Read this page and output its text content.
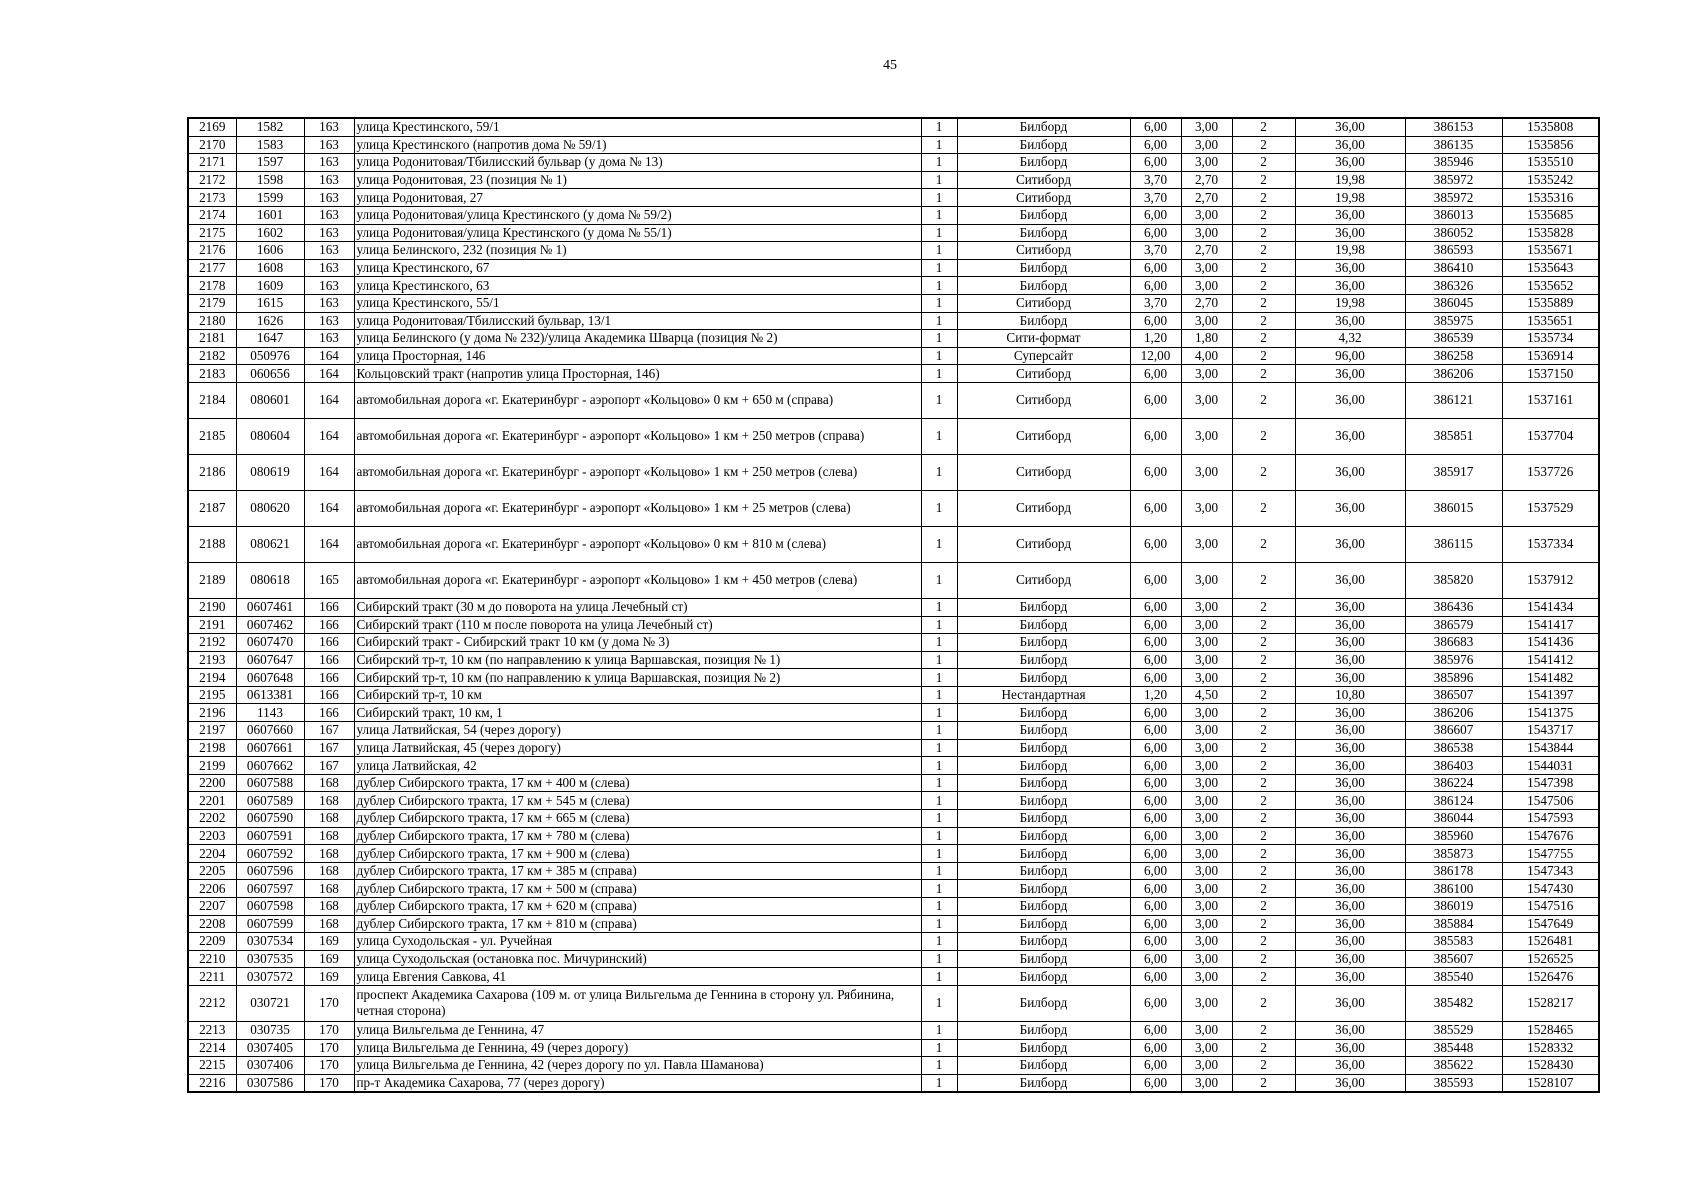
45
2169	1582	163	улица Крестинского, 59/1	1	Билборд	6,00	3,00	2	36,00	386153	1535808
2170	1583	163	улица Крестинского (напротив дома № 59/1)	1	Билборд	6,00	3,00	2	36,00	386135	1535856
2171	1597	163	улица Родонитовая/Тбилисский бульвар (у дома № 13)	1	Билборд	6,00	3,00	2	36,00	385946	1535510
2172	1598	163	улица Родонитовая, 23 (позиция № 1)	1	Ситиборд	3,70	2,70	2	19,98	385972	1535242
2173	1599	163	улица Родонитовая, 27	1	Ситиборд	3,70	2,70	2	19,98	385972	1535316
2174	1601	163	улица Родонитовая/улица Крестинского (у дома № 59/2)	1	Билборд	6,00	3,00	2	36,00	386013	1535685
2175	1602	163	улица Родонитовая/улица Крестинского (у дома № 55/1)	1	Билборд	6,00	3,00	2	36,00	386052	1535828
2176	1606	163	улица Белинского, 232 (позиция № 1)	1	Ситиборд	3,70	2,70	2	19,98	386593	1535671
2177	1608	163	улица Крестинского, 67	1	Билборд	6,00	3,00	2	36,00	386410	1535643
2178	1609	163	улица Крестинского, 63	1	Билборд	6,00	3,00	2	36,00	386326	1535652
2179	1615	163	улица Крестинского, 55/1	1	Ситиборд	3,70	2,70	2	19,98	386045	1535889
2180	1626	163	улица Родонитовая/Тбилисский бульвар, 13/1	1	Билборд	6,00	3,00	2	36,00	385975	1535651
2181	1647	163	улица Белинского (у дома № 232)/улица Академика Шварца (позиция № 2)	1	Сити-формат	1,20	1,80	2	4,32	386539	1535734
2182	050976	164	улица Просторная, 146	1	Суперсайт	12,00	4,00	2	96,00	386258	1536914
2183	060656	164	Кольцовский тракт (напротив улица Просторная, 146)	1	Ситиборд	6,00	3,00	2	36,00	386206	1537150
2184	080601	164	автомобильная дорога «г. Екатеринбург - аэропорт «Кольцово» 0 км + 650 м (справа)	1	Ситиборд	6,00	3,00	2	36,00	386121	1537161
2185	080604	164	автомобильная дорога «г. Екатеринбург - аэропорт «Кольцово» 1 км + 250 метров (справа)	1	Ситиборд	6,00	3,00	2	36,00	385851	1537704
2186	080619	164	автомобильная дорога «г. Екатеринбург - аэропорт «Кольцово» 1 км + 250 метров (слева)	1	Ситиборд	6,00	3,00	2	36,00	385917	1537726
2187	080620	164	автомобильная дорога «г. Екатеринбург - аэропорт «Кольцово» 1 км + 25 метров (слева)	1	Ситиборд	6,00	3,00	2	36,00	386015	1537529
2188	080621	164	автомобильная дорога «г. Екатеринбург - аэропорт «Кольцово» 0 км + 810 м (слева)	1	Ситиборд	6,00	3,00	2	36,00	386115	1537334
2189	080618	165	автомобильная дорога «г. Екатеринбург - аэропорт «Кольцово» 1 км + 450 метров (слева)	1	Ситиборд	6,00	3,00	2	36,00	385820	1537912
2190	0607461	166	Сибирский тракт (30 м до поворота на улица Лечебный ст)	1	Билборд	6,00	3,00	2	36,00	386436	1541434
2191	0607462	166	Сибирский тракт (110 м после поворота на улица Лечебный ст)	1	Билборд	6,00	3,00	2	36,00	386579	1541417
2192	0607470	166	Сибирский тракт - Сибирский тракт 10 км (у дома № 3)	1	Билборд	6,00	3,00	2	36,00	386683	1541436
2193	0607647	166	Сибирский тр-т, 10 км (по направлению к улица Варшавская, позиция № 1)	1	Билборд	6,00	3,00	2	36,00	385976	1541412
2194	0607648	166	Сибирский тр-т, 10 км (по направлению к улица Варшавская, позиция № 2)	1	Билборд	6,00	3,00	2	36,00	385896	1541482
2195	0613381	166	Сибирский тр-т, 10 км	1	Нестандартная	1,20	4,50	2	10,80	386507	1541397
2196	1143	166	Сибирский тракт, 10 км, 1	1	Билборд	6,00	3,00	2	36,00	386206	1541375
2197	0607660	167	улица Латвийская, 54 (через дорогу)	1	Билборд	6,00	3,00	2	36,00	386607	1543717
2198	0607661	167	улица Латвийская, 45 (через дорогу)	1	Билборд	6,00	3,00	2	36,00	386538	1543844
2199	0607662	167	улица Латвийская, 42	1	Билборд	6,00	3,00	2	36,00	386403	1544031
2200	0607588	168	дублер Сибирского тракта, 17 км + 400 м (слева)	1	Билборд	6,00	3,00	2	36,00	386224	1547398
2201	0607589	168	дублер Сибирского тракта, 17 км + 545 м (слева)	1	Билборд	6,00	3,00	2	36,00	386124	1547506
2202	0607590	168	дублер Сибирского тракта, 17 км + 665 м (слева)	1	Билборд	6,00	3,00	2	36,00	386044	1547593
2203	0607591	168	дублер Сибирского тракта, 17 км + 780 м (слева)	1	Билборд	6,00	3,00	2	36,00	385960	1547676
2204	0607592	168	дублер Сибирского тракта, 17 км + 900 м (слева)	1	Билборд	6,00	3,00	2	36,00	385873	1547755
2205	0607596	168	дублер Сибирского тракта, 17 км + 385 м (справа)	1	Билборд	6,00	3,00	2	36,00	386178	1547343
2206	0607597	168	дублер Сибирского тракта, 17 км + 500 м (справа)	1	Билборд	6,00	3,00	2	36,00	386100	1547430
2207	0607598	168	дублер Сибирского тракта, 17 км + 620 м (справа)	1	Билборд	6,00	3,00	2	36,00	386019	1547516
2208	0607599	168	дублер Сибирского тракта, 17 км + 810 м (справа)	1	Билборд	6,00	3,00	2	36,00	385884	1547649
2209	0307534	169	улица Суходольская - ул. Ручейная	1	Билборд	6,00	3,00	2	36,00	385583	1526481
2210	0307535	169	улица Суходольская (остановка пос. Мичуринский)	1	Билборд	6,00	3,00	2	36,00	385607	1526525
2211	0307572	169	улица Евгения Савкова, 41	1	Билборд	6,00	3,00	2	36,00	385540	1526476
2212	030721	170	проспект Академика Сахарова (109 м. от улица Вильгельма де Геннина в сторону ул. Рябинина, четная сторона)	1	Билборд	6,00	3,00	2	36,00	385482	1528217
2213	030735	170	улица Вильгельма де Геннина, 47	1	Билборд	6,00	3,00	2	36,00	385529	1528465
2214	0307405	170	улица Вильгельма де Геннина, 49 (через дорогу)	1	Билборд	6,00	3,00	2	36,00	385448	1528332
2215	0307406	170	улица Вильгельма де Геннина, 42 (через дорогу по ул. Павла Шаманова)	1	Билборд	6,00	3,00	2	36,00	385622	1528430
2216	0307586	170	пр-т Академика Сахарова, 77 (через дорогу)	1	Билборд	6,00	3,00	2	36,00	385593	1528107
